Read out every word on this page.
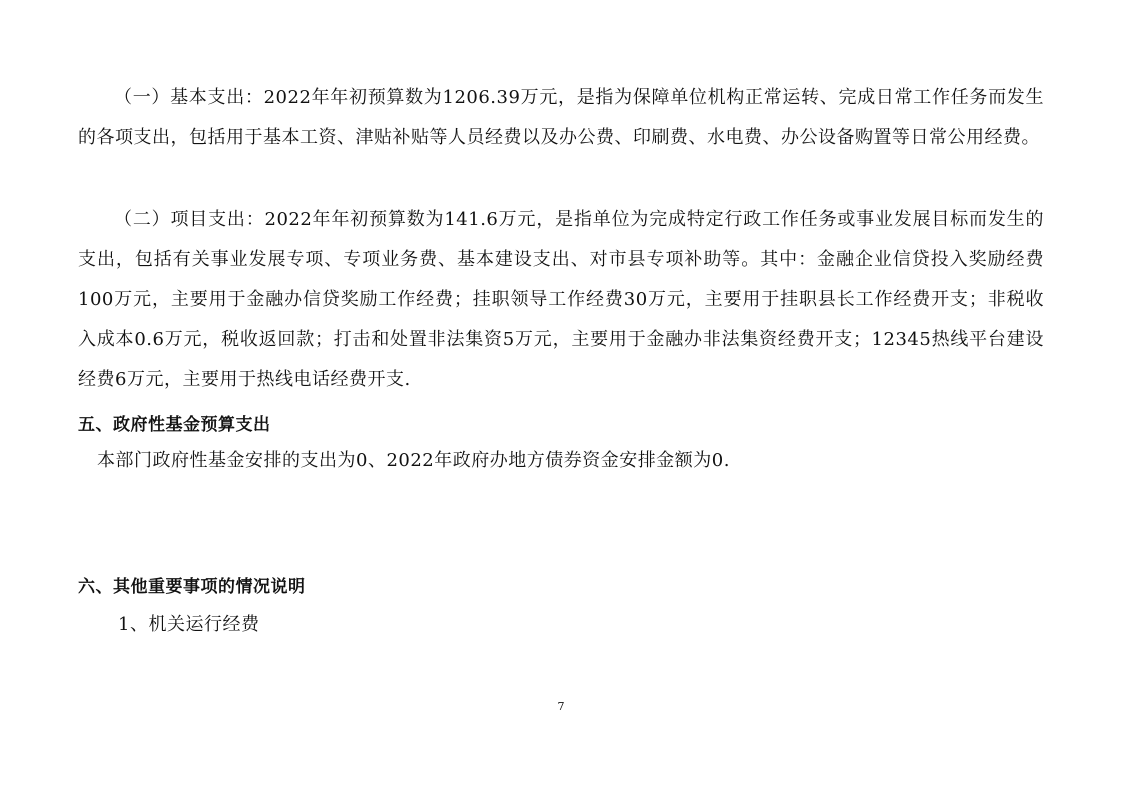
（一）基本支出：2022年年初预算数为1206.39万元，是指为保障单位机构正常运转、完成日常工作任务而发生的各项支出，包括用于基本工资、津贴补贴等人员经费以及办公费、印刷费、水电费、办公设备购置等日常公用经费。

（二）项目支出：2022年年初预算数为141.6万元，是指单位为完成特定行政工作任务或事业发展目标而发生的支出，包括有关事业发展专项、专项业务费、基本建设支出、对市县专项补助等。其中：金融企业信贷投入奖励经费100万元，主要用于金融办信贷奖励工作经费；挂职领导工作经费30万元，主要用于挂职县长工作经费开支；非税收入成本0.6万元，税收返回款；打击和处置非法集资5万元，主要用于金融办非法集资经费开支；12345热线平台建设经费6万元，主要用于热线电话经费开支.

五、政府性基金预算支出

本部门政府性基金安排的支出为0、2022年政府办地方债券资金安排金额为0.

六、其他重要事项的情况说明

1、机关运行经费

7
